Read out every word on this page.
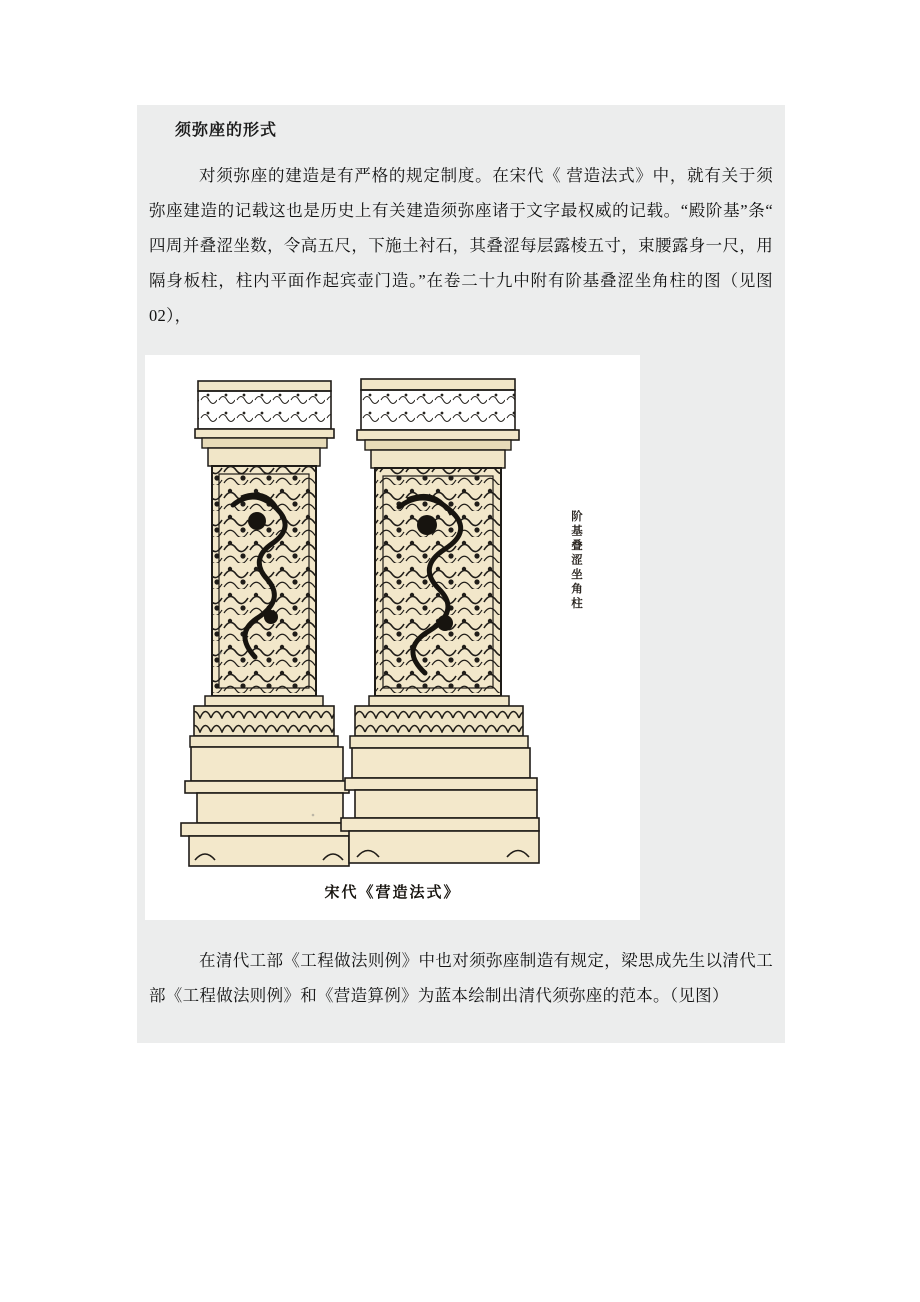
须弥座的形式
对须弥座的建造是有严格的规定制度。在宋代《 营造法式》中，就有关于须弥座建造的记载这也是历史上有关建造须弥座诸于文字最权威的记载。“殿阶基”条“ 四周并叠涩坐数，令高五尺，下施土衬石，其叠涩每层露棱五寸，束腰露身一尺，用隔身板柱，柱内平面作起宾壶门造。”在卷二十九中附有阶基叠涩坐角柱的图（见图02），
阶基叠涩坐角柱
宋代《营造法式》
在清代工部《工程做法则例》中也对须弥座制造有规定，梁思成先生以清代工部《工程做法则例》和《营造算例》为蓝本绘制出清代须弥座的范本。（见图）
